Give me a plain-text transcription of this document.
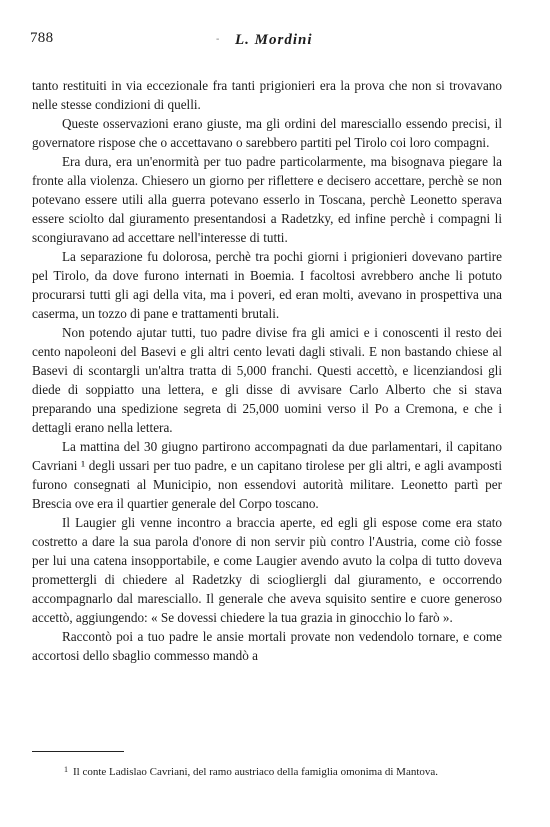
788	- L. Mordini

tanto restituiti in via eccezionale fra tanti prigionieri era la prova che non si trovavano nelle stesse condizioni di quelli.

Queste osservazioni erano giuste, ma gli ordini del maresciallo essendo precisi, il governatore rispose che o accettavano o sarebbero partiti pel Tirolo coi loro compagni.

Era dura, era un'enormità per tuo padre particolarmente, ma bisognava piegare la fronte alla violenza. Chiesero un giorno per riflettere e decisero accettare, perchè se non potevano essere utili alla guerra potevano esserlo in Toscana, perchè Leonetto sperava essere sciolto dal giuramento presentandosi a Radetzky, ed infine perchè i compagni li scongiuravano ad accettare nell'interesse di tutti.

La separazione fu dolorosa, perchè tra pochi giorni i prigionieri dovevano partire pel Tirolo, da dove furono internati in Boemia. I facoltosi avrebbero anche li potuto procurarsi tutti gli agi della vita, ma i poveri, ed eran molti, avevano in prospettiva una caserma, un tozzo di pane e trattamenti brutali.

Non potendo ajutar tutti, tuo padre divise fra gli amici e i conoscenti il resto dei cento napoleoni del Basevi e gli altri cento levati dagli stivali. E non bastando chiese al Basevi di scontargli un'altra tratta di 5,000 franchi. Questi accettò, e licenziandosi gli diede di soppiatto una lettera, e gli disse di avvisare Carlo Alberto che si stava preparando una spedizione segreta di 25,000 uomini verso il Po a Cremona, e che i dettagli erano nella lettera.

La mattina del 30 giugno partirono accompagnati da due parlamentari, il capitano Cavriani ¹ degli ussari per tuo padre, e un capitano tirolese per gli altri, e agli avamposti furono consegnati al Municipio, non essendovi autorità militare. Leonetto partì per Brescia ove era il quartier generale del Corpo toscano.

Il Laugier gli venne incontro a braccia aperte, ed egli gli espose come era stato costretto a dare la sua parola d'onore di non servir più contro l'Austria, come ciò fosse per lui una catena insopportabile, e come Laugier avendo avuto la colpa di tutto doveva promettergli di chiedere al Radetzky di sciogliergli dal giuramento, e occorrendo accompagnarlo dal maresciallo. Il generale che aveva squisito sentire e cuore generoso accettò, aggiungendo: « Se dovessi chiedere la tua grazia in ginocchio lo farò ».

Raccontò poi a tuo padre le ansie mortali provate non vedendolo tornare, e come accortosi dello sbaglio commesso mandò a

$^1$ Il conte Ladislao Cavriani, del ramo austriaco della famiglia omonima di Mantova.
